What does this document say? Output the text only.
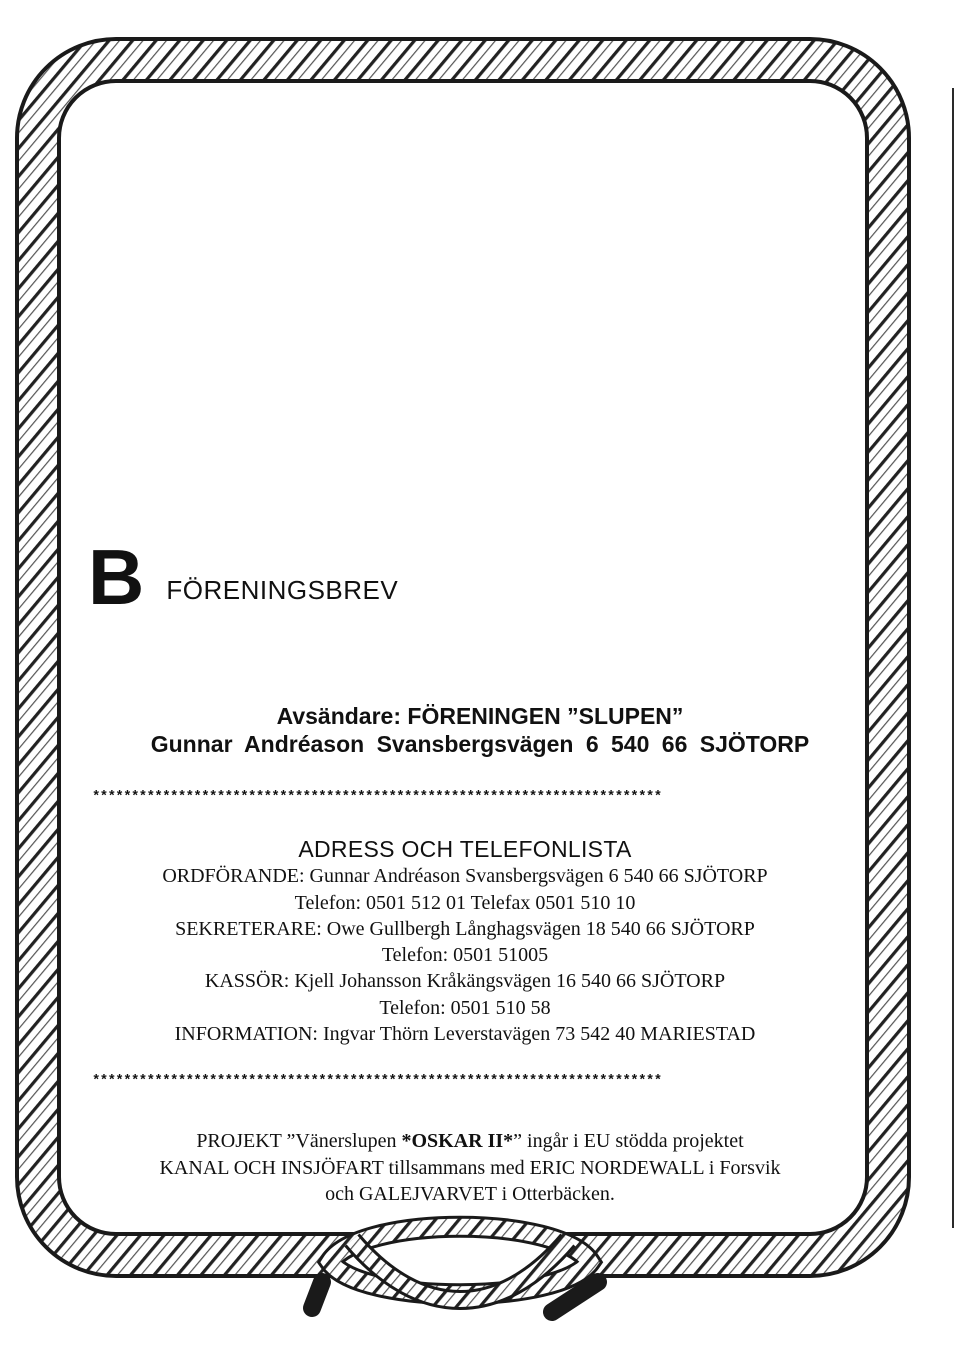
B FÖRENINGSBREV
Avsändare: FÖRENINGEN ”SLUPEN”
Gunnar Andréason Svansbergsvägen 6 540 66 SJÖTORP
*************************************************************************
ADRESS OCH TELEFONLISTA
ORDFÖRANDE: Gunnar Andréason Svansbergsvägen 6 540 66 SJÖTORP
Telefon: 0501 512 01 Telefax 0501 510 10
SEKRETERARE: Owe Gullbergh Långhagsvägen 18 540 66 SJÖTORP
Telefon: 0501 51005
KASSÖR: Kjell Johansson Kråkängsvägen 16 540 66 SJÖTORP
Telefon: 0501 510 58
INFORMATION: Ingvar Thörn Leverstavägen 73 542 40 MARIESTAD
*************************************************************************
PROJEKT ”Vänerslupen *OSKAR II*” ingår i EU stödda projektet
KANAL OCH INSJÖFART tillsammans med ERIC NORDEWALL i Forsvik
och GALEJVARVET i Otterbäcken.
